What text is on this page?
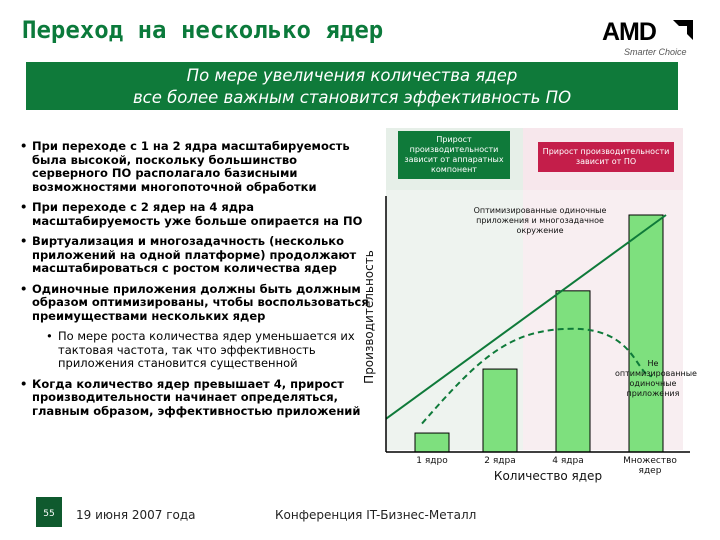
Переход на несколько ядер	AMD
Smarter Choice
По мере увеличения количества ядер
все более важным становится эффективность ПО
• При переходе с 1 на 2 ядра масштабируемость была высокой, поскольку большинство серверного ПО располагало базисными возможностями многопоточной обработки
• При переходе с 2 ядер на 4 ядра масштабируемость уже больше опирается на ПО
• Виртуализация и многозадачность (несколько приложений на одной платформе) продолжают масштабироваться с ростом количества ядер
• Одиночные приложения должны быть должным образом оптимизированы, чтобы воспользоваться преимуществами нескольких ядер
• По мере роста количества ядер уменьшается их тактовая частота, так что эффективность приложения становится существенной
• Когда количество ядер превышает 4, прирост производительности начинает определяться, главным образом, эффективностью приложений
Прирост производительности зависит от аппаратных компонент
Прирост производительности зависит от ПО
Оптимизированные одиночные приложения и многозадачное окружение
Не оптимизированные одиночные приложения
Производительность
1 ядро	2 ядра	4 ядра	Множество ядер
Количество ядер
55	19 июня 2007 года	Конференция IT-Бизнес-Металл
